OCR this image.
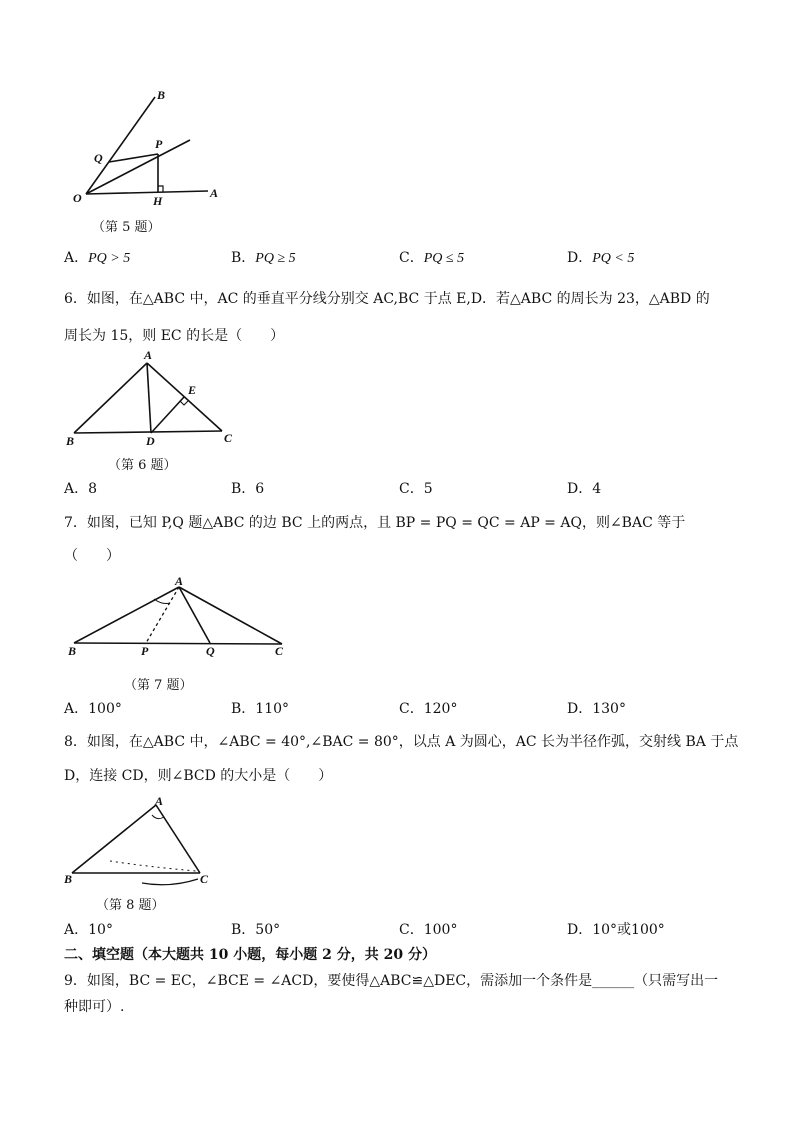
B
P
Q
O	H
A
（第 5 题）
A．PQ > 5	B．PQ ≥ 5	C．PQ ≤ 5	D．PQ < 5
6．如图，在△ABC 中，AC 的垂直平分线分别交 AC,BC 于点 E,D．若△ABC 的周长为 23，△ABD 的
周长为 15，则 EC 的长是（　　）
A
E
B	D	C
（第 6 题）
A．8	B．6	C．5	D．4
7．如图，已知 P,Q 题△ABC 的边 BC 上的两点，且 BP = PQ = QC = AP = AQ，则∠BAC 等于
（　　）
A
B	P	Q	C
（第 7 题）
A．100°	B．110°	C．120°	D．130°
8．如图，在△ABC 中，∠ABC = 40°,∠BAC = 80°，以点 A 为圆心，AC 长为半径作弧，交射线 BA 于点
D，连接 CD，则∠BCD 的大小是（　　）
A
B	C
（第 8 题）
A．10°	B．50°	C．100°	D．10°或100°
二、填空题（本大题共 10 小题，每小题 2 分，共 20 分）
9．如图，BC = EC，∠BCE = ∠ACD，要使得△ABC≌△DEC，需添加一个条件是______（只需写出一
种即可）.
